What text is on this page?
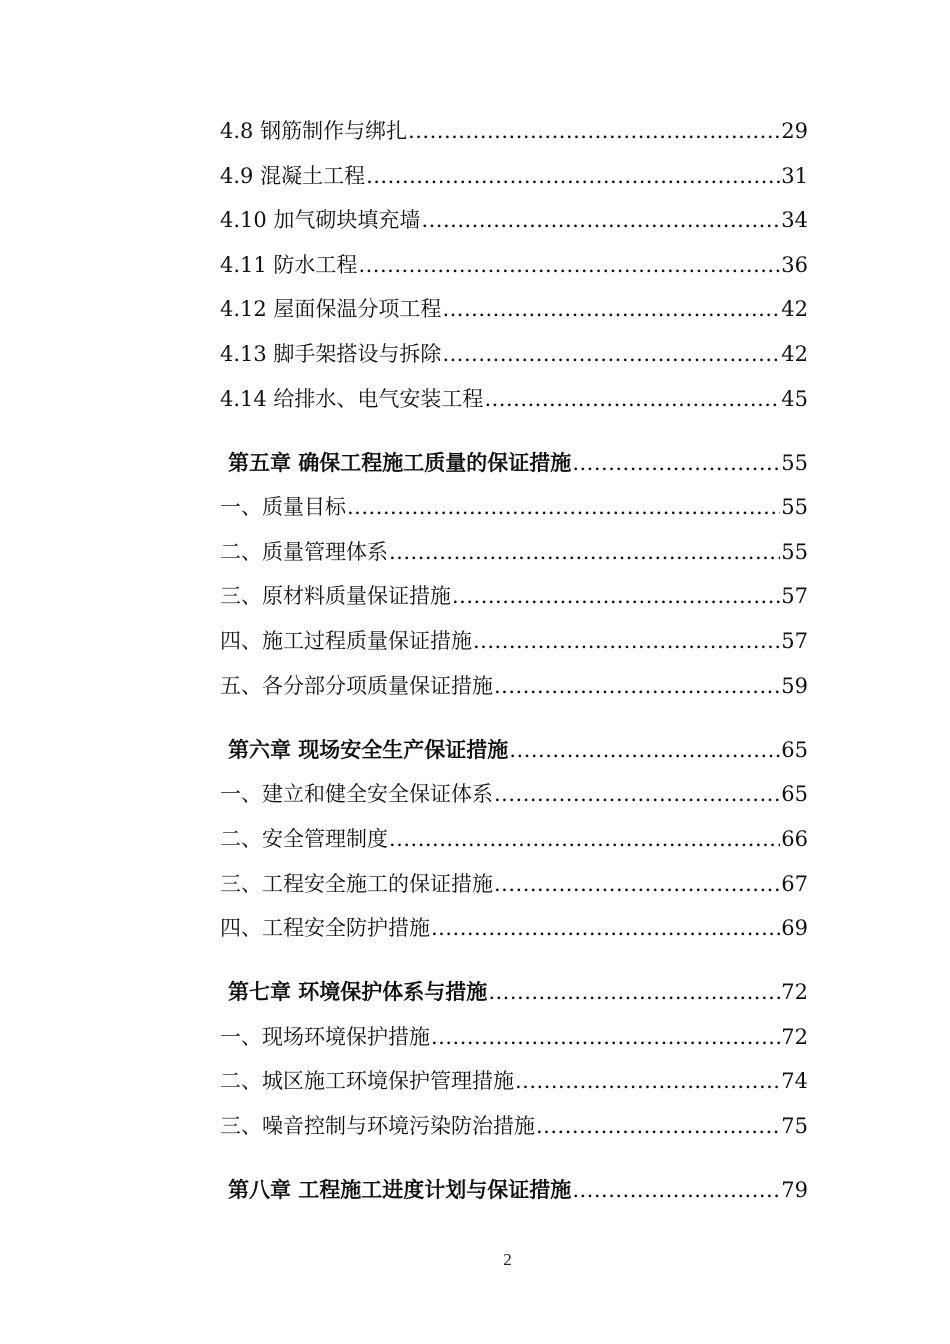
4.8 钢筋制作与绑扎 .....	29
4.9 混凝土工程 .....	31
4.10 加气砌块填充墙 .....	34
4.11 防水工程 .....	36
4.12 屋面保温分项工程 .....	42
4.13 脚手架搭设与拆除 .....	42
4.14 给排水、电气安装工程 .....	45
第五章 确保工程施工质量的保证措施 .....	55
一、质量目标 .....	55
二、质量管理体系 .....	55
三、原材料质量保证措施 .....	57
四、施工过程质量保证措施 .....	57
五、各分部分项质量保证措施 .....	59
第六章 现场安全生产保证措施 .....	65
一、建立和健全安全保证体系 .....	65
二、安全管理制度 .....	66
三、工程安全施工的保证措施 .....	67
四、工程安全防护措施 .....	69
第七章 环境保护体系与措施 .....	72
一、现场环境保护措施 .....	72
二、城区施工环境保护管理措施 .....	74
三、噪音控制与环境污染防治措施 .....	75
第八章 工程施工进度计划与保证措施 .....	79
2
